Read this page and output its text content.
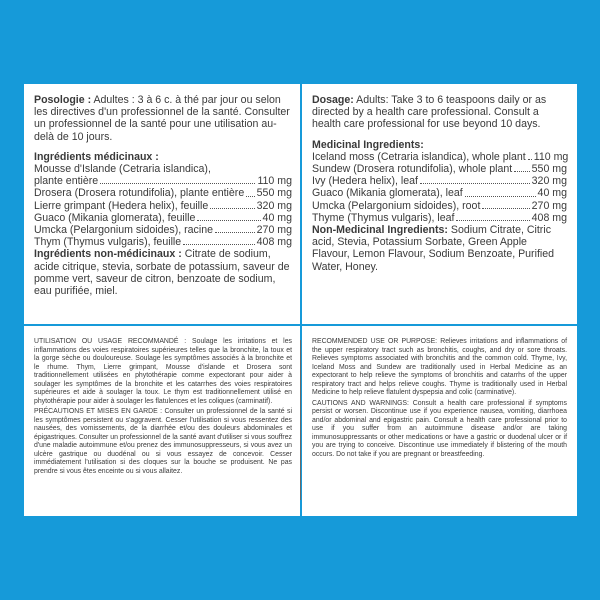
Posologie : Adultes : 3 à 6 c. à thé par jour ou selon les directives d'un professionnel de la santé. Consulter un professionnel de la santé pour une utilisation au-delà de 10 jours.

Ingrédients médicinaux :
Mousse d'Islande (Cetraria islandica),
plante entière	110 mg
Drosera (Drosera rotundifolia), plante entière 550 mg
Lierre grimpant (Hedera helix), feuille	320 mg
Guaco (Mikania glomerata), feuille	40 mg
Umcka (Pelargonium sidoides), racine	270 mg
Thym (Thymus vulgaris), feuille	408 mg

Ingrédients non-médicinaux : Citrate de sodium, acide citrique, stevia, sorbate de potassium, saveur de pomme vert, saveur de citron, benzoate de sodium, eau purifiée, miel.

Dosage: Adults: Take 3 to 6 teaspoons daily or as directed by a health care professional. Consult a health care professional for use beyond 10 days.

Medicinal Ingredients:
Iceland moss (Cetraria islandica), whole plant 110 mg
Sundew (Drosera rotundifolia), whole plant 550 mg
Ivy (Hedera helix), leaf	320 mg
Guaco (Mikania glomerata), leaf	40 mg
Umcka (Pelargonium sidoides), root	270 mg
Thyme (Thymus vulgaris), leaf	408 mg

Non-Medicinal Ingredients: Sodium Citrate, Citric acid, Stevia, Potassium Sorbate, Green Apple Flavour, Lemon Flavour, Sodium Benzoate, Purified Water, Honey.

UTILISATION OU USAGE RECOMMANDÉ : Soulage les irritations et les inflammations des voies respiratoires supérieures telles que la bronchite, la toux et la gorge sèche ou douloureuse. Soulage les symptômes associés à la bronchite et le rhume. Thym, Lierre grimpant, Mousse d'islande et Drosera sont traditionnellement utilisées en phytothérapie comme expectorant pour aider à soulager les symptômes de la bronchite et les catarrhes des voies respiratoires supérieures et aide à soulager la toux. Le thym est traditionnellement utilisé en phytothérapie pour aider à soulager les flatulences et les coliques (carminatif).

PRÉCAUTIONS ET MISES EN GARDE : Consulter un professionnel de la santé si les symptômes persistent ou s'aggravent. Cesser l'utilisation si vous ressentez des nausées, des vomissements, de la diarrhée et/ou des douleurs abdominales et épigastriques. Consulter un professionnel de la santé avant d'utiliser si vous souffrez d'une maladie autoimmune et/ou prenez des immunosuppresseurs, si vous avez un ulcère gastrique ou duodénal ou si vous essayez de concevoir. Cesser immédiatement l'utilisation si des cloques sur la bouche se produisent. Ne pas prendre si vous êtes enceinte ou si vous allaitez.

RECOMMENDED USE OR PURPOSE: Relieves irritations and inflammations of the upper respiratory tract such as bronchitis, coughs, and dry or sore throats. Relieves symptoms associated with bronchitis and the common cold. Thyme, Ivy, Iceland Moss and Sundew are traditionally used in Herbal Medicine as an expectorant to help relieve the symptoms of bronchitis and catarrhs of the upper respiratory tract and helps relieve coughs. Thyme is traditionally used in Herbal Medicine to help relieve flatulent dyspepsia and colic (carminative).

CAUTIONS AND WARNINGS: Consult a health care professional if symptoms persist or worsen. Discontinue use if you experience nausea, vomiting, diarrhoea and/or abdominal and epigastric pain. Consult a health care professional prior to use if you suffer from an autoimmune disease and/or are taking immunosuppressants or other medications or have a gastric or duodenal ulcer or if you are trying to conceive. Discontinue use immediately if blistering of the mouth occurs. Do not take if you are pregnant or breastfeeding.
